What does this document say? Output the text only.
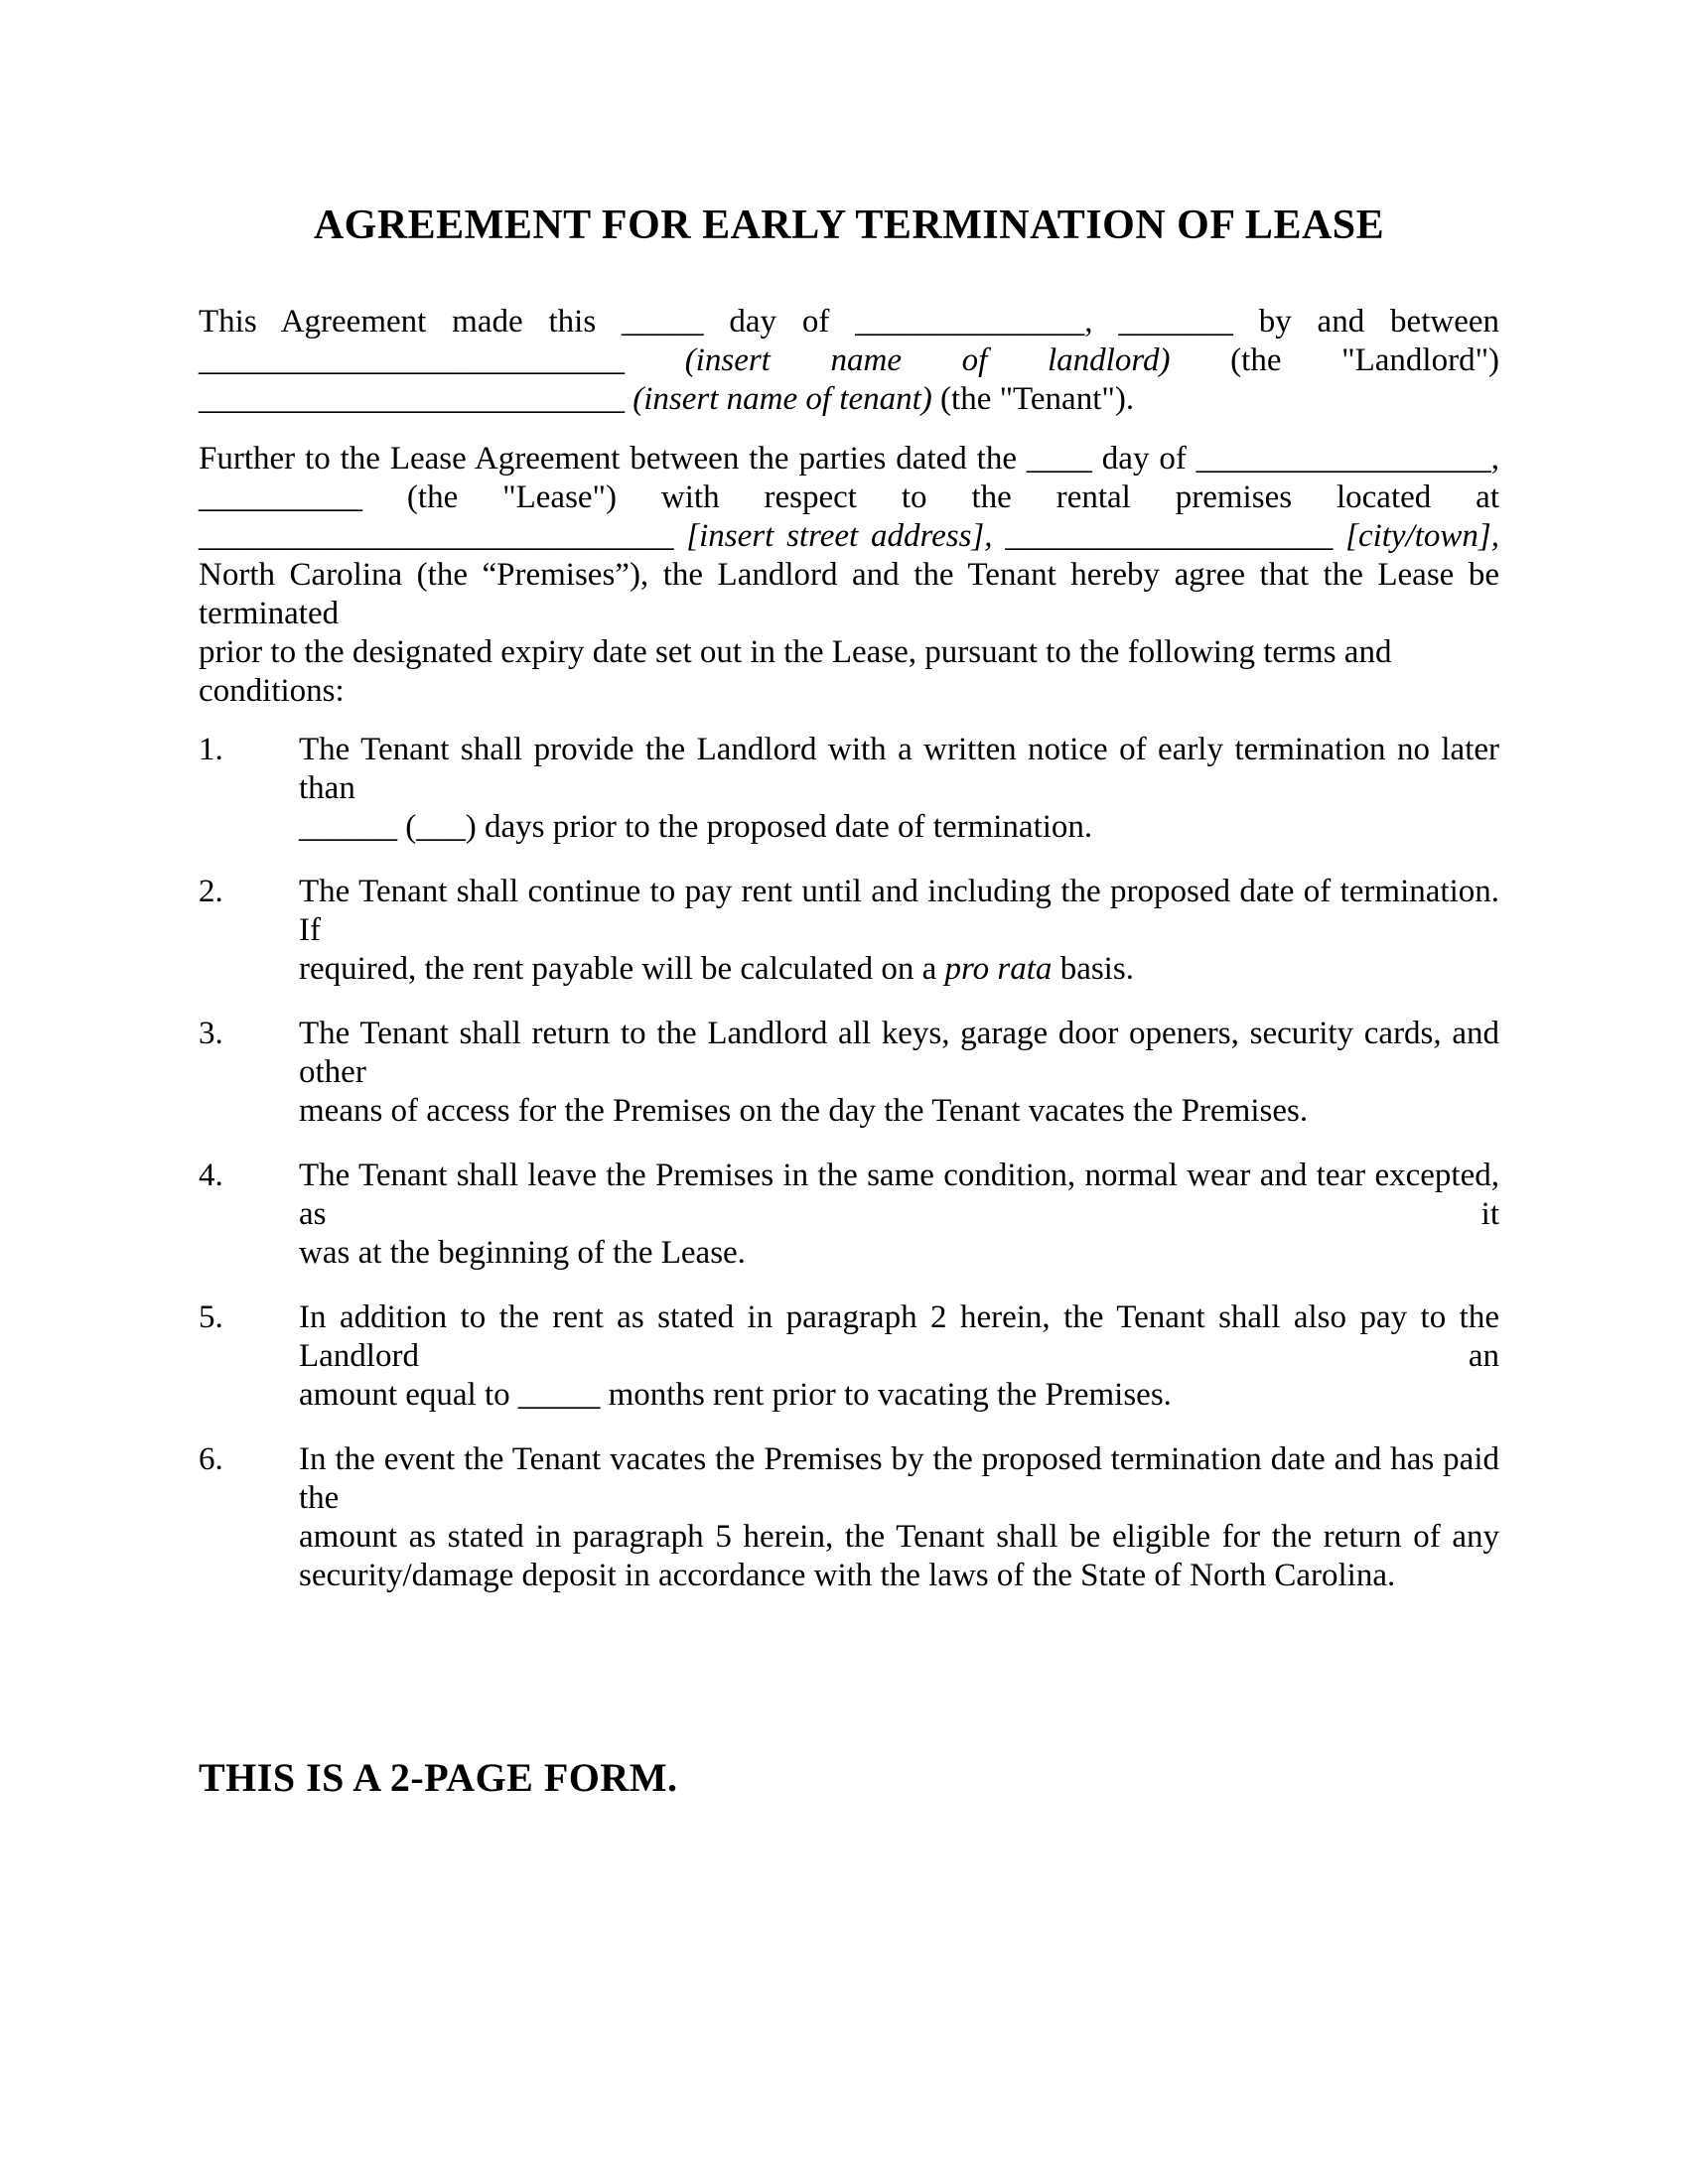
AGREEMENT FOR EARLY TERMINATION OF LEASE
This Agreement made this _____ day of ______________, _______ by and between
__________________________ (insert name of landlord) (the "Landlord")
__________________________ (insert name of tenant) (the "Tenant").
Further to the Lease Agreement between the parties dated the ____ day of __________________,
__________ (the "Lease") with respect to the rental premises located at
_____________________________ [insert street address], ____________________ [city/town],
North Carolina (the “Premises”), the Landlord and the Tenant hereby agree that the Lease be terminated
prior to the designated expiry date set out in the Lease, pursuant to the following terms and conditions:
1.	The Tenant shall provide the Landlord with a written notice of early termination no later than
______ (___) days prior to the proposed date of termination.
2.	The Tenant shall continue to pay rent until and including the proposed date of termination. If
required, the rent payable will be calculated on a pro rata basis.
3.	The Tenant shall return to the Landlord all keys, garage door openers, security cards, and other
means of access for the Premises on the day the Tenant vacates the Premises.
4.	The Tenant shall leave the Premises in the same condition, normal wear and tear excepted, as it
was at the beginning of the Lease.
5.	In addition to the rent as stated in paragraph 2 herein, the Tenant shall also pay to the Landlord an
amount equal to _____ months rent prior to vacating the Premises.
6.	In the event the Tenant vacates the Premises by the proposed termination date and has paid the
amount as stated in paragraph 5 herein, the Tenant shall be eligible for the return of any
security/damage deposit in accordance with the laws of the State of North Carolina.
THIS IS A 2-PAGE FORM.
